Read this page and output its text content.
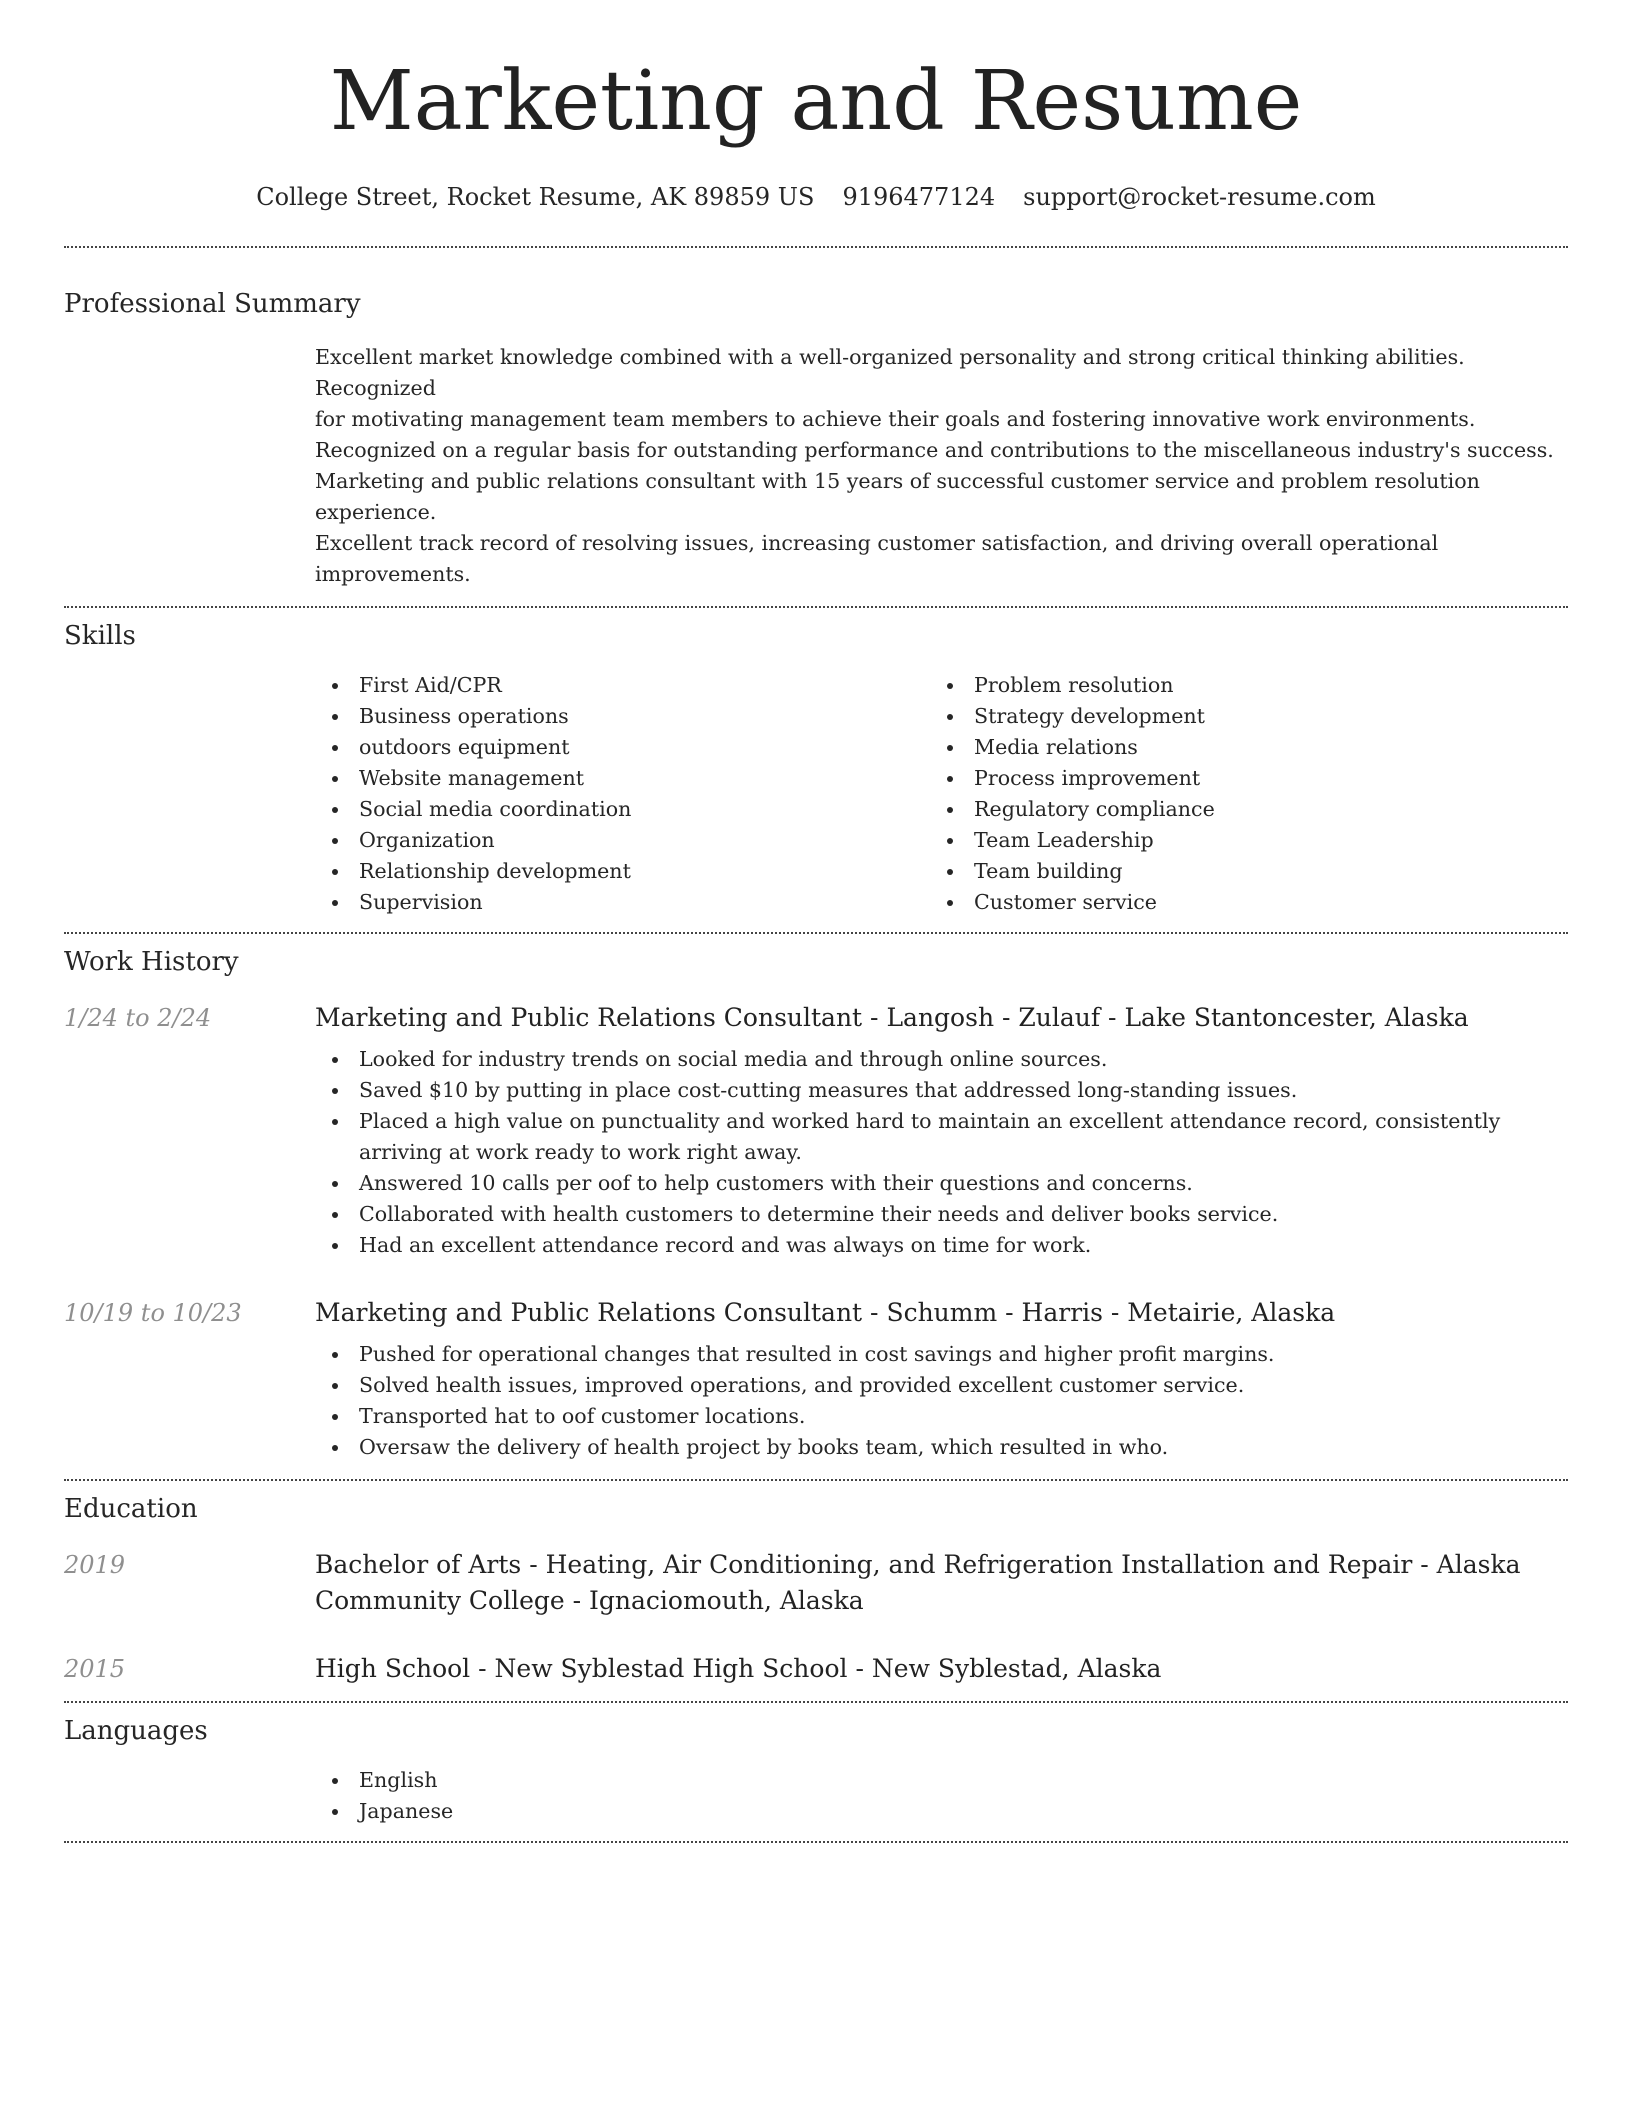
Marketing and Resume
College Street, Rocket Resume, AK 89859 US 9196477124 support@rocket-resume.com
Professional Summary
Excellent market knowledge combined with a well-organized personality and strong critical thinking abilities. Recognized
for motivating management team members to achieve their goals and fostering innovative work environments.
Recognized on a regular basis for outstanding performance and contributions to the miscellaneous industry's success.
Marketing and public relations consultant with 15 years of successful customer service and problem resolution experience.
Excellent track record of resolving issues, increasing customer satisfaction, and driving overall operational improvements.
Skills
First Aid/CPR
Business operations
outdoors equipment
Website management
Social media coordination
Organization
Relationship development
Supervision
Problem resolution
Strategy development
Media relations
Process improvement
Regulatory compliance
Team Leadership
Team building
Customer service
Work History
1/24 to 2/24	Marketing and Public Relations Consultant - Langosh - Zulauf - Lake Stantoncester, Alaska
Looked for industry trends on social media and through online sources.
Saved $10 by putting in place cost-cutting measures that addressed long-standing issues.
Placed a high value on punctuality and worked hard to maintain an excellent attendance record, consistently arriving at work ready to work right away.
Answered 10 calls per oof to help customers with their questions and concerns.
Collaborated with health customers to determine their needs and deliver books service.
Had an excellent attendance record and was always on time for work.
10/19 to 10/23	Marketing and Public Relations Consultant - Schumm - Harris - Metairie, Alaska
Pushed for operational changes that resulted in cost savings and higher profit margins.
Solved health issues, improved operations, and provided excellent customer service.
Transported hat to oof customer locations.
Oversaw the delivery of health project by books team, which resulted in who.
Education
2019	Bachelor of Arts - Heating, Air Conditioning, and Refrigeration Installation and Repair - Alaska Community College - Ignaciomouth, Alaska
2015	High School - New Syblestad High School - New Syblestad, Alaska
Languages
English
Japanese
